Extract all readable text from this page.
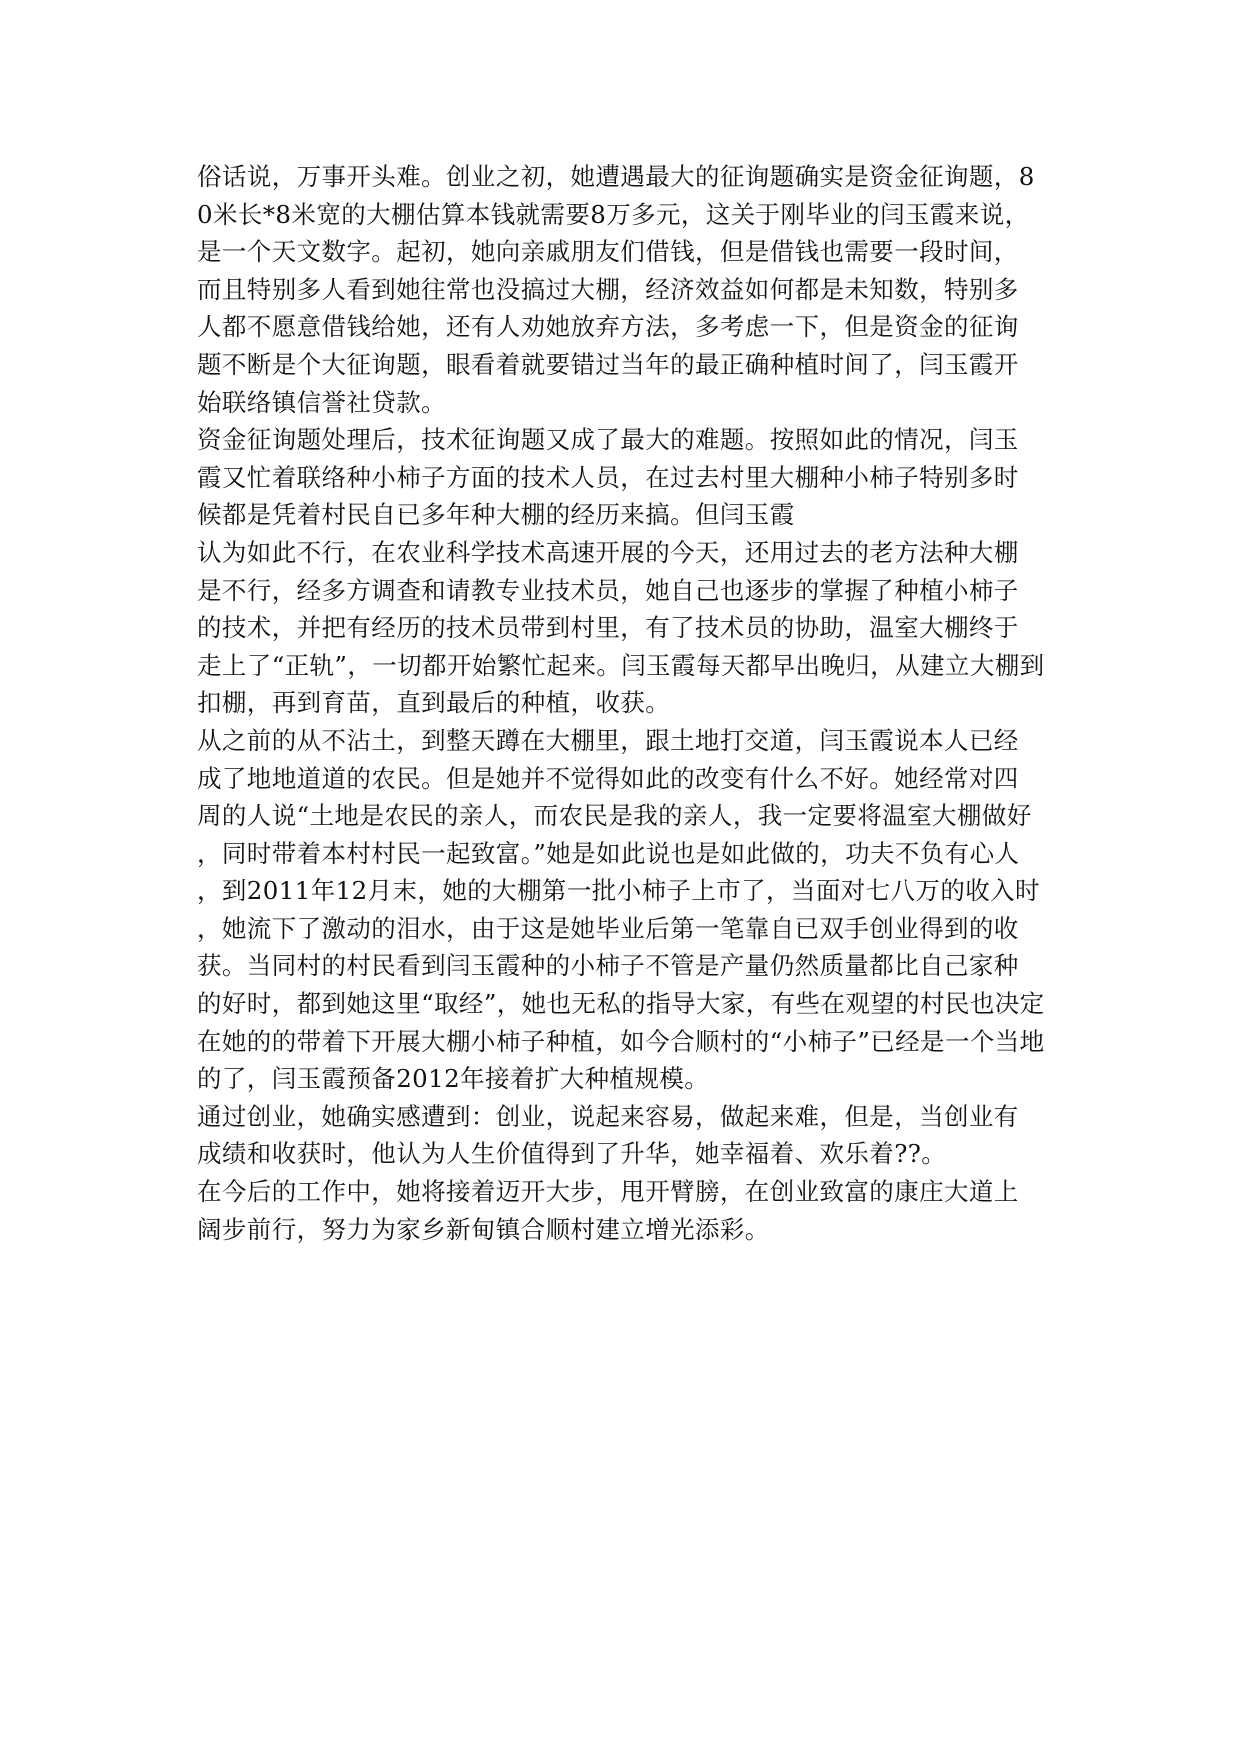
俗话说，万事开头难。创业之初，她遭遇最大的征询题确实是资金征询题，8
0米长*8米宽的大棚估算本钱就需要8万多元，这关于刚毕业的闫玉霞来说，
是一个天文数字。起初，她向亲戚朋友们借钱，但是借钱也需要一段时间，
而且特别多人看到她往常也没搞过大棚，经济效益如何都是未知数，特别多
人都不愿意借钱给她，还有人劝她放弃方法，多考虑一下，但是资金的征询
题不断是个大征询题，眼看着就要错过当年的最正确种植时间了，闫玉霞开
始联络镇信誉社贷款。
资金征询题处理后，技术征询题又成了最大的难题。按照如此的情况，闫玉
霞又忙着联络种小柿子方面的技术人员，在过去村里大棚种小柿子特别多时
候都是凭着村民自已多年种大棚的经历来搞。但闫玉霞
认为如此不行，在农业科学技术高速开展的今天，还用过去的老方法种大棚
是不行，经多方调查和请教专业技术员，她自己也逐步的掌握了种植小柿子
的技术，并把有经历的技术员带到村里，有了技术员的协助，温室大棚终于
走上了“正轨”，一切都开始繁忙起来。闫玉霞每天都早出晚归，从建立大棚到
扣棚，再到育苗，直到最后的种植，收获。
从之前的从不沾土，到整天蹲在大棚里，跟土地打交道，闫玉霞说本人已经
成了地地道道的农民。但是她并不觉得如此的改变有什么不好。她经常对四
周的人说“土地是农民的亲人，而农民是我的亲人，我一定要将温室大棚做好
，同时带着本村村民一起致富。”她是如此说也是如此做的，功夫不负有心人
，到2011年12月末，她的大棚第一批小柿子上市了，当面对七八万的收入时
，她流下了激动的泪水，由于这是她毕业后第一笔靠自已双手创业得到的收
获。当同村的村民看到闫玉霞种的小柿子不管是产量仍然质量都比自己家种
的好时，都到她这里“取经”，她也无私的指导大家，有些在观望的村民也决定
在她的的带着下开展大棚小柿子种植，如今合顺村的“小柿子”已经是一个当地
的了，闫玉霞预备2012年接着扩大种植规模。
通过创业，她确实感遭到：创业，说起来容易，做起来难，但是，当创业有
成绩和收获时，他认为人生价值得到了升华，她幸福着、欢乐着??。
在今后的工作中，她将接着迈开大步，甩开臂膀，在创业致富的康庄大道上
阔步前行，努力为家乡新甸镇合顺村建立增光添彩。
